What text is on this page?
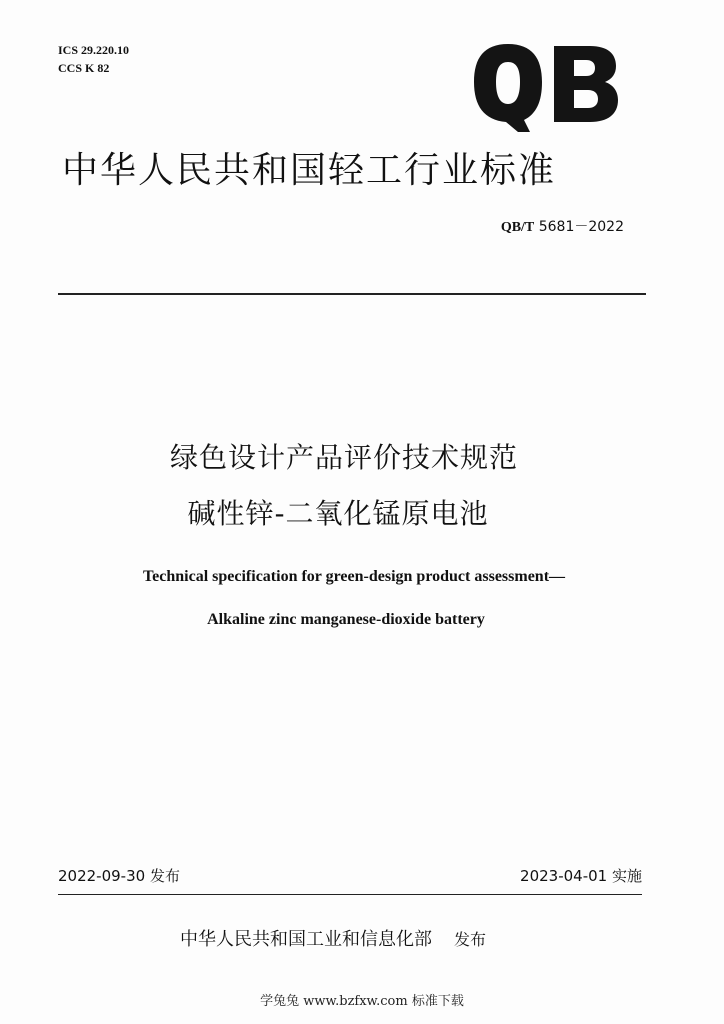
ICS 29.220.10
CCS K 82
中华人民共和国轻工行业标准
QB/T 5681－2022
绿色设计产品评价技术规范
碱性锌-二氧化锰原电池
Technical specification for green-design product assessment—
Alkaline zinc manganese-dioxide battery
2022-09-30 发布	2023-04-01 实施
中华人民共和国工业和信息化部 发布
学兔兔 www.bzfxw.com 标准下载
